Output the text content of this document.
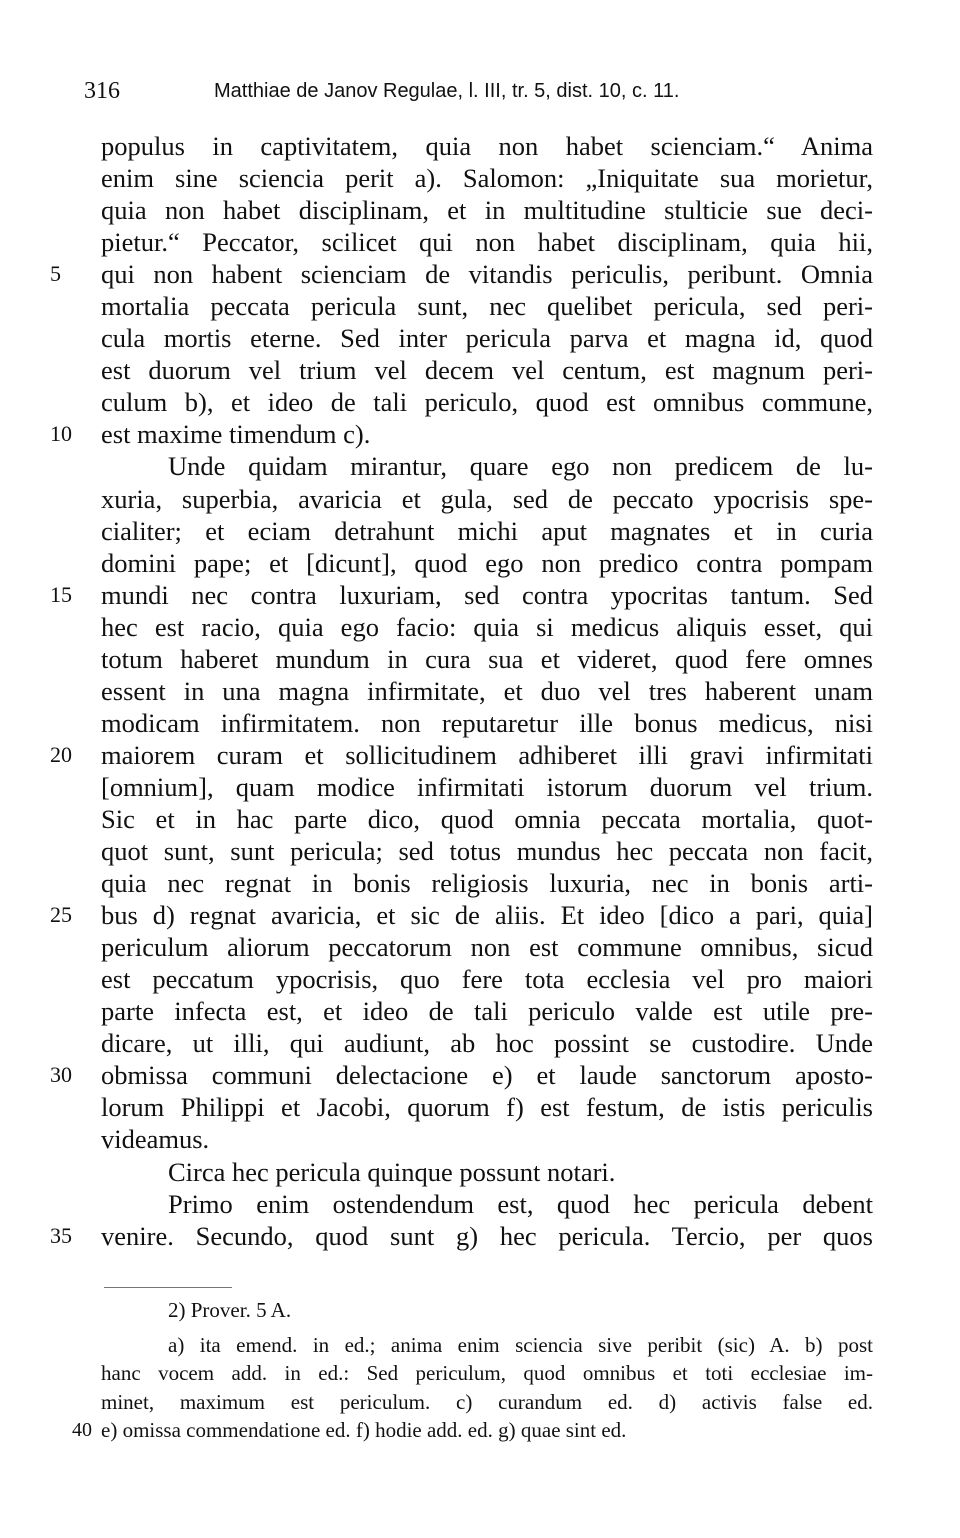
316	Matthiae de Janov Regulae, l. III, tr. 5, dist. 10, c. 11.
populus in captivitatem, quia non habet scienciam.“ Anima
enim sine sciencia perit a). Salomon: „Iniquitate sua morietur,
quia non habet disciplinam, et in multitudine stulticie sue deci-
pietur.“ Peccator, scilicet qui non habet disciplinam, quia hii,
5	qui non habent scienciam de vitandis periculis, peribunt. Omnia
mortalia peccata pericula sunt, nec quelibet pericula, sed peri-
cula mortis eterne. Sed inter pericula parva et magna id, quod
est duorum vel trium vel decem vel centum, est magnum peri-
culum b), et ideo de tali periculo, quod est omnibus commune,
10	est maxime timendum c).
Unde quidam mirantur, quare ego non predicem de lu-
xuria, superbia, avaricia et gula, sed de peccato ypocrisis spe-
cialiter; et eciam detrahunt michi aput magnates et in curia
domini pape; et [dicunt], quod ego non predico contra pompam
15	mundi nec contra luxuriam, sed contra ypocritas tantum. Sed
hec est racio, quia ego facio: quia si medicus aliquis esset, qui
totum haberet mundum in cura sua et videret, quod fere omnes
essent in una magna infirmitate, et duo vel tres haberent unam
modicam infirmitatem. non reputaretur ille bonus medicus, nisi
20	maiorem curam et sollicitudinem adhiberet illi gravi infirmitati
[omnium], quam modice infirmitati istorum duorum vel trium.
Sic et in hac parte dico, quod omnia peccata mortalia, quot-
quot sunt, sunt pericula; sed totus mundus hec peccata non facit,
quia nec regnat in bonis religiosis luxuria, nec in bonis arti-
25	bus d) regnat avaricia, et sic de aliis. Et ideo [dico a pari, quia]
periculum aliorum peccatorum non est commune omnibus, sicud
est peccatum ypocrisis, quo fere tota ecclesia vel pro maiori
parte infecta est, et ideo de tali periculo valde est utile pre-
dicare, ut illi, qui audiunt, ab hoc possint se custodire. Unde
30	obmissa communi delectacione e) et laude sanctorum aposto-
lorum Philippi et Jacobi, quorum f) est festum, de istis periculis
videamus.
Circa hec pericula quinque possunt notari.
Primo enim ostendendum est, quod hec pericula debent
35	venire. Secundo, quod sunt g) hec pericula. Tercio, per quos
2) Prover. 5 A.
a) ita emend. in ed.; anima enim sciencia sive peribit (sic) A. b) post
hanc vocem add. in ed.: Sed periculum, quod omnibus et toti ecclesiae im-
minet, maximum est periculum. c) curandum ed. d) activis false ed.
40 e) omissa commendatione ed. f) hodie add. ed. g) quae sint ed.
